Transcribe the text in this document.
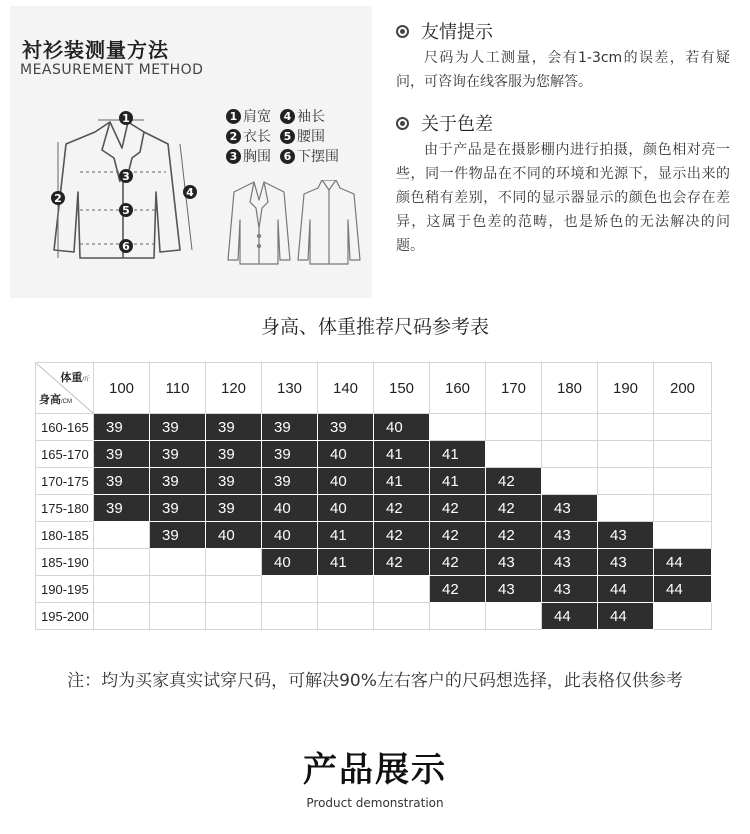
衬衫装测量方法
MEASUREMENT METHOD
1
2
3
4
5
6
1 肩宽	4 袖长
2 衣长	5 腰围
3 胸围	6 下摆围
友情提示
尺码为人工测量，会有1-3cm的误差，若有疑问，可咨询在线客服为您解答。
关于色差
由于产品是在摄影棚内进行拍摄，颜色相对亮一些，同一件物品在不同的环境和光源下，显示出来的颜色稍有差别，不同的显示器显示的颜色也会存在差异，这属于色差的范畴，也是矫色的无法解决的问题。
身高、体重推荐尺码参考表
体重/斤
身高/CM	100	110	120	130	140	150	160	170	180	190	200
160-165	39	39	39	39	39	40					
165-170	39	39	39	39	40	41	41				
170-175	39	39	39	39	40	41	41	42			
175-180	39	39	39	40	40	42	42	42	43		
180-185		39	40	40	41	42	42	42	43	43	
185-190				40	41	42	42	43	43	43	44
190-195							42	43	43	44	44
195-200									44	44	
注：均为买家真实试穿尺码，可解决90%左右客户的尺码想选择，此表格仅供参考
产品展示
Product demonstration
